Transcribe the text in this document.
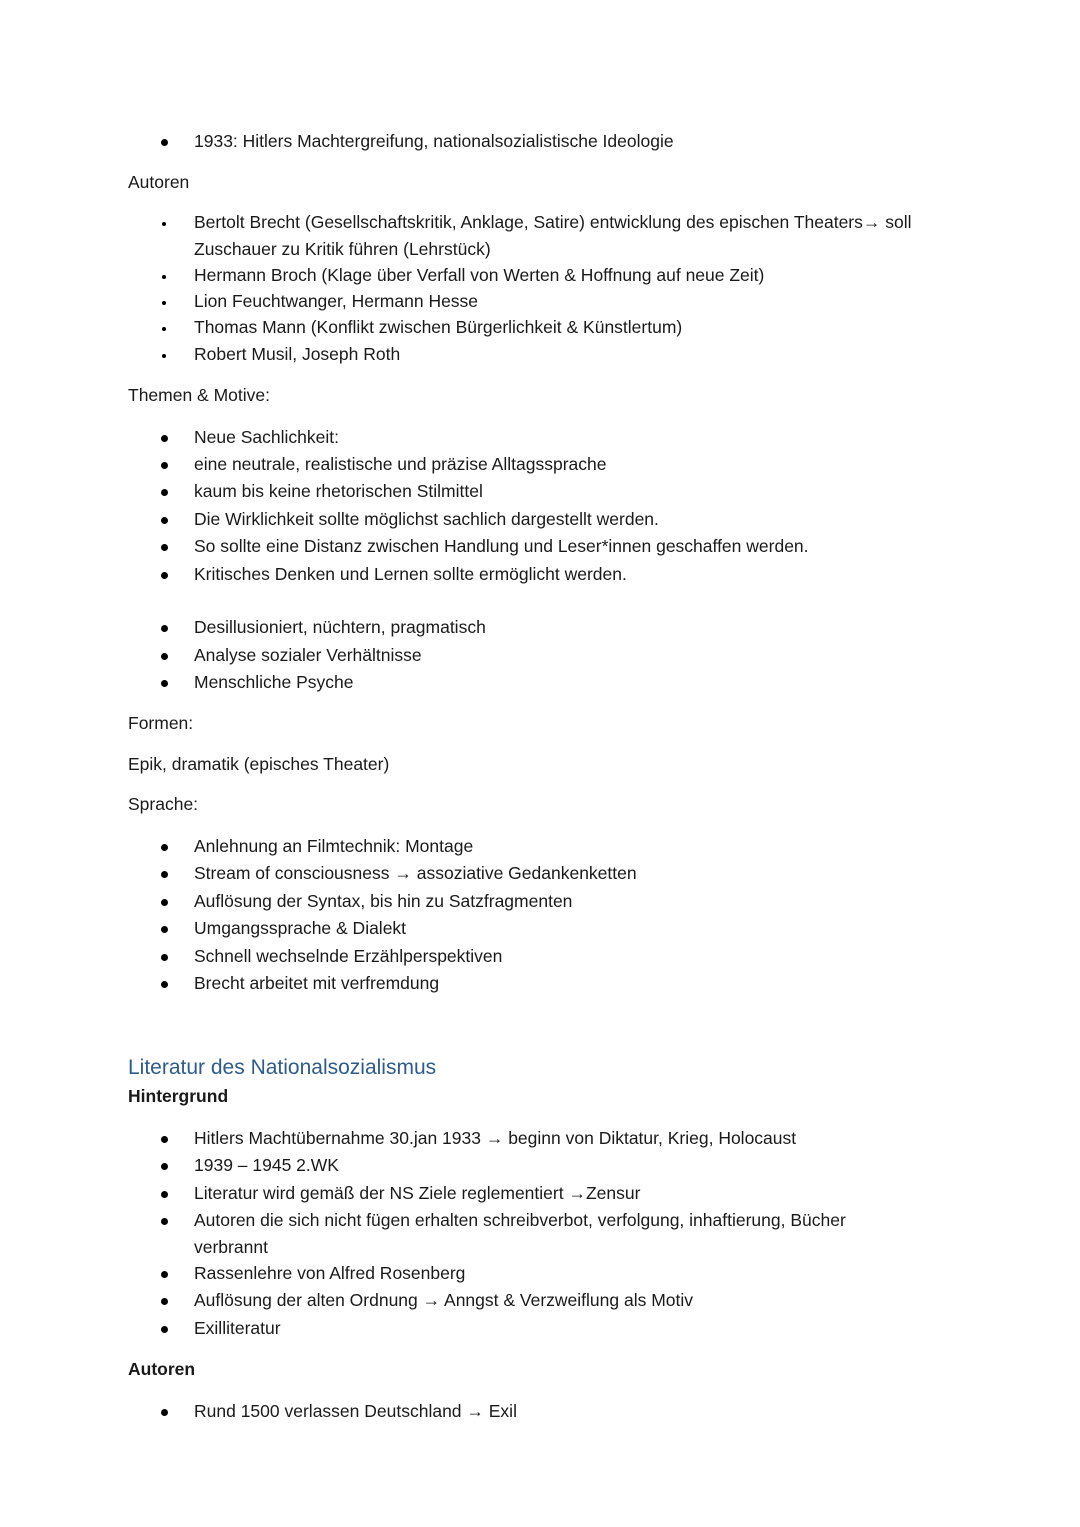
1933: Hitlers Machtergreifung, nationalsozialistische Ideologie
Autoren
Bertolt Brecht (Gesellschaftskritik, Anklage, Satire) entwicklung des epischen Theaters→ soll
Zuschauer zu Kritik führen (Lehrstück)
Hermann Broch (Klage über Verfall von Werten & Hoffnung auf neue Zeit)
Lion Feuchtwanger, Hermann Hesse
Thomas Mann (Konflikt zwischen Bürgerlichkeit & Künstlertum)
Robert Musil, Joseph Roth
Themen & Motive:
Neue Sachlichkeit:
eine neutrale, realistische und präzise Alltagssprache
kaum bis keine rhetorischen Stilmittel
Die Wirklichkeit sollte möglichst sachlich dargestellt werden.
So sollte eine Distanz zwischen Handlung und Leser*innen geschaffen werden.
Kritisches Denken und Lernen sollte ermöglicht werden.
Desillusioniert, nüchtern, pragmatisch
Analyse sozialer Verhältnisse
Menschliche Psyche
Formen:
Epik, dramatik (episches Theater)
Sprache:
Anlehnung an Filmtechnik: Montage
Stream of consciousness → assoziative Gedankenketten
Auflösung der Syntax, bis hin zu Satzfragmenten
Umgangssprache & Dialekt
Schnell wechselnde Erzählperspektiven
Brecht arbeitet mit verfremdung
Literatur des Nationalsozialismus
Hintergrund
Hitlers Machtübernahme 30.jan 1933 → beginn von Diktatur, Krieg, Holocaust
1939 – 1945 2.WK
Literatur wird gemäß der NS Ziele reglementiert →Zensur
Autoren die sich nicht fügen erhalten schreibverbot, verfolgung, inhaftierung, Bücher
verbrannt
Rassenlehre von Alfred Rosenberg
Auflösung der alten Ordnung → Anngst & Verzweiflung als Motiv
Exilliteratur
Autoren
Rund 1500 verlassen Deutschland → Exil
